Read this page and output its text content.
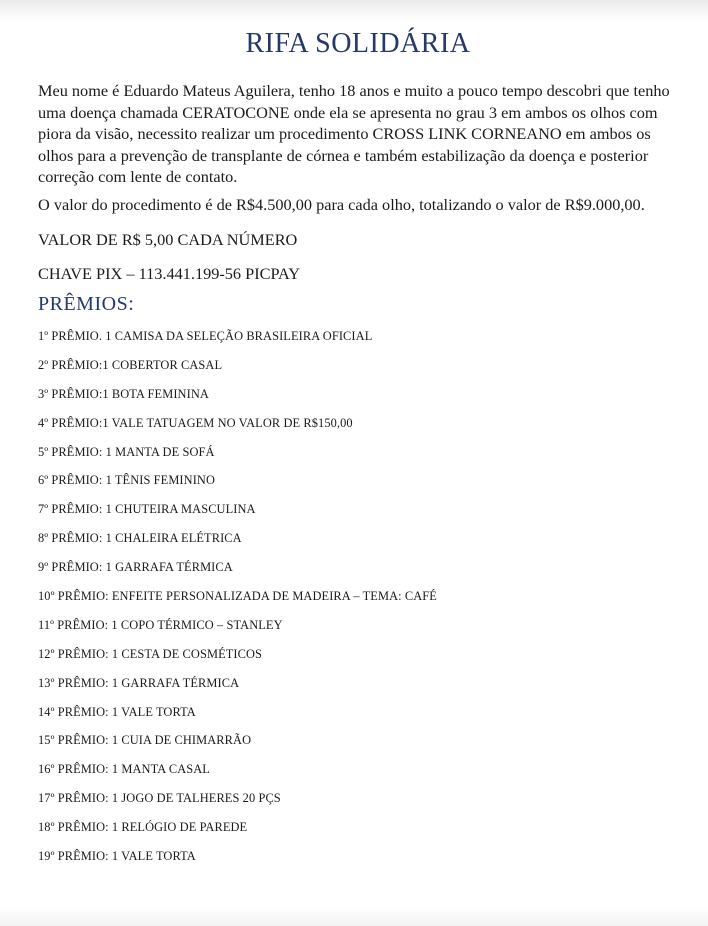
RIFA SOLIDÁRIA

Meu nome é Eduardo Mateus Aguilera, tenho 18 anos e muito a pouco tempo descobri que tenho uma doença chamada CERATOCONE onde ela se apresenta no grau 3 em ambos os olhos com piora da visão, necessito realizar um procedimento CROSS LINK CORNEANO em ambos os olhos para a prevenção de transplante de córnea e também estabilização da doença e posterior correção com lente de contato.

O valor do procedimento é de R$4.500,00 para cada olho, totalizando o valor de R$9.000,00.

VALOR DE R$ 5,00 CADA NÚMERO
CHAVE PIX – 113.441.199-56 PICPAY
PRÊMIOS:
1º PRÊMIO. 1 CAMISA DA SELEÇÃO BRASILEIRA OFICIAL
2º PRÊMIO:1 COBERTOR CASAL
3º PRÊMIO:1 BOTA FEMININA
4º PRÊMIO:1 VALE TATUAGEM NO VALOR DE R$150,00
5º PRÊMIO: 1 MANTA DE SOFÁ
6º PRÊMIO: 1 TÊNIS FEMININO
7º PRÊMIO: 1 CHUTEIRA MASCULINA
8º PRÊMIO: 1 CHALEIRA ELÉTRICA
9º PRÊMIO: 1 GARRAFA TÉRMICA
10º PRÊMIO: ENFEITE PERSONALIZADA DE MADEIRA – TEMA: CAFÉ
11º PRÊMIO: 1 COPO TÉRMICO – STANLEY
12º PRÊMIO: 1 CESTA DE COSMÉTICOS
13º PRÊMIO: 1 GARRAFA TÉRMICA
14º PRÊMIO: 1 VALE TORTA
15º PRÊMIO: 1 CUIA DE CHIMARRÃO
16º PRÊMIO: 1 MANTA CASAL
17º PRÊMIO: 1 JOGO DE TALHERES 20 PÇS
18º PRÊMIO: 1 RELÓGIO DE PAREDE
19º PRÊMIO: 1 VALE TORTA
